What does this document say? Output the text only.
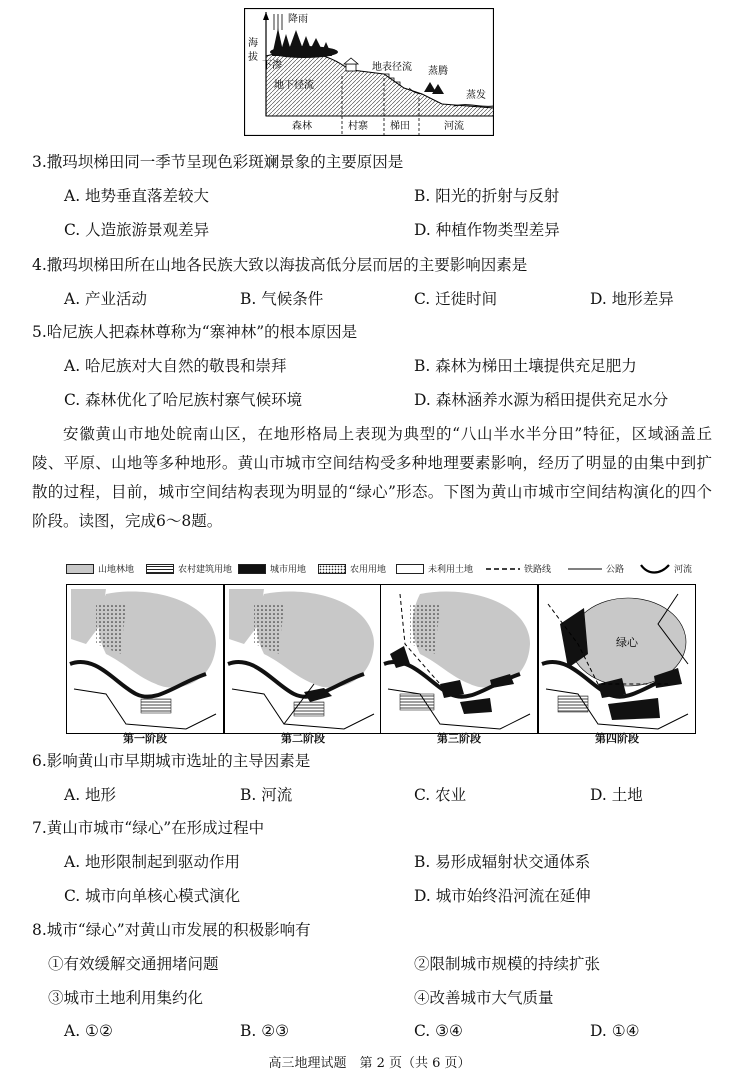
降雨
海
拔
下渗	地表径流 蒸腾
蒸发
地下径流
森林	村寨 梯田	河流
3.撒玛坝梯田同一季节呈现色彩斑斓景象的主要原因是
A. 地势垂直落差较大	B. 阳光的折射与反射
C. 人造旅游景观差异	D. 种植作物类型差异
4.撒玛坝梯田所在山地各民族大致以海拔高低分层而居的主要影响因素是
A. 产业活动	B. 气候条件	C. 迁徙时间	D. 地形差异
5.哈尼族人把森林尊称为“寨神林”的根本原因是
A. 哈尼族对大自然的敬畏和崇拜	B. 森林为梯田土壤提供充足肥力
C. 森林优化了哈尼族村寨气候环境	D. 森林涵养水源为稻田提供充足水分
安徽黄山市地处皖南山区，在地形格局上表现为典型的“八山半水半分田”特征，区域涵盖丘陵、平原、山地等多种地形。黄山市城市空间结构受多种地理要素影响，经历了明显的由集中到扩散的过程，目前，城市空间结构表现为明显的“绿心”形态。下图为黄山市城市空间结构演化的四个阶段。读图，完成6～8题。
山地林地	农村建筑用地	城市用地	农用用地	未利用土地	铁路线	公路	河流
绿心
第一阶段	第二阶段	第三阶段	第四阶段
6.影响黄山市早期城市选址的主导因素是
A. 地形	B. 河流	C. 农业	D. 土地
7.黄山市城市“绿心”在形成过程中
A. 地形限制起到驱动作用	B. 易形成辐射状交通体系
C. 城市向单核心模式演化	D. 城市始终沿河流在延伸
8.城市“绿心”对黄山市发展的积极影响有
①有效缓解交通拥堵问题	②限制城市规模的持续扩张
③城市土地利用集约化	④改善城市大气质量
A. ①②	B. ②③	C. ③④	D. ①④
高三地理试题　第 2 页（共 6 页）
